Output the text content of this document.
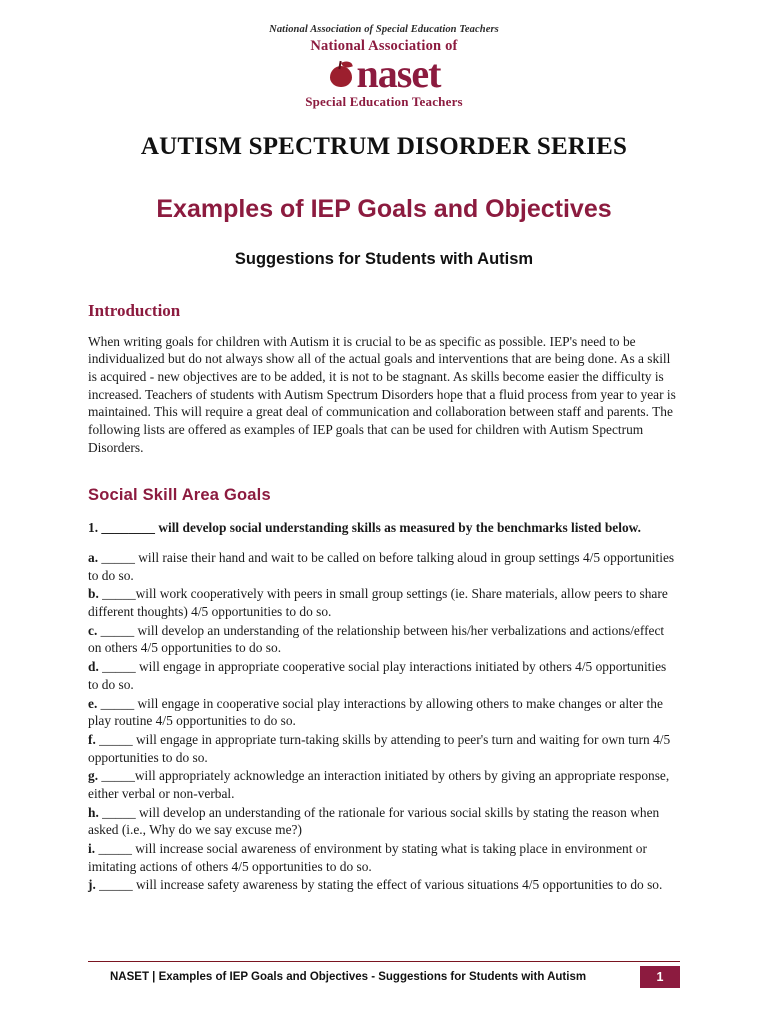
National Association of Special Education Teachers
National Association of
naset
Special Education Teachers
AUTISM SPECTRUM DISORDER SERIES
Examples of IEP Goals and Objectives
Suggestions for Students with Autism
Introduction

When writing goals for children with Autism it is crucial to be as specific as possible. IEP's need to be individualized but do not always show all of the actual goals and interventions that are being done. As a skill is acquired - new objectives are to be added, it is not to be stagnant. As skills become easier the difficulty is increased. Teachers of students with Autism Spectrum Disorders hope that a fluid process from year to year is maintained. This will require a great deal of communication and collaboration between staff and parents. The following lists are offered as examples of IEP goals that can be used for children with Autism Spectrum Disorders.

Social Skill Area Goals

1. ________ will develop social understanding skills as measured by the benchmarks listed below.

a. _____ will raise their hand and wait to be called on before talking aloud in group settings 4/5 opportunities to do so.

b. _____will work cooperatively with peers in small group settings (ie. Share materials, allow peers to share different thoughts) 4/5 opportunities to do so.

c. _____ will develop an understanding of the relationship between his/her verbalizations and actions/effect on others 4/5 opportunities to do so.

d. _____ will engage in appropriate cooperative social play interactions initiated by others 4/5 opportunities to do so.

e. _____ will engage in cooperative social play interactions by allowing others to make changes or alter the play routine 4/5 opportunities to do so.

f. _____ will engage in appropriate turn-taking skills by attending to peer's turn and waiting for own turn 4/5 opportunities to do so.

g. _____will appropriately acknowledge an interaction initiated by others by giving an appropriate response, either verbal or non-verbal.

h. _____ will develop an understanding of the rationale for various social skills by stating the reason when asked (i.e., Why do we say excuse me?)

i. _____ will increase social awareness of environment by stating what is taking place in environment or imitating actions of others 4/5 opportunities to do so.

j. _____ will increase safety awareness by stating the effect of various situations 4/5 opportunities to do so.

NASET | Examples of IEP Goals and Objectives - Suggestions for Students with Autism	1
